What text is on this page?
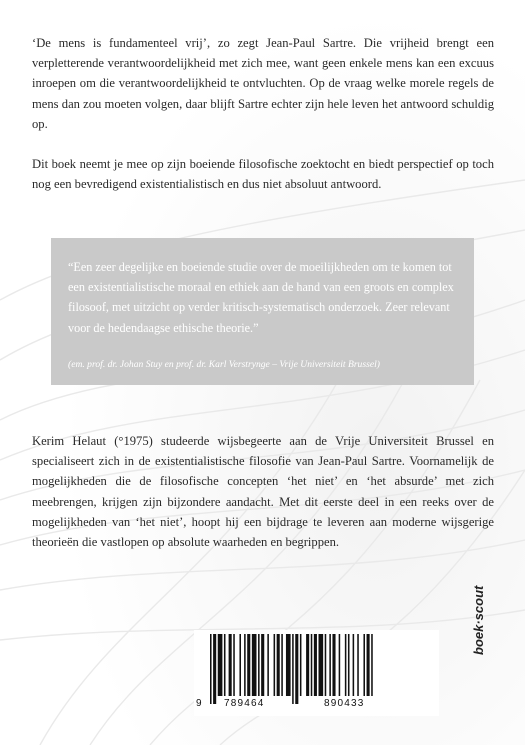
‘De mens is fundamenteel vrij’, zo zegt Jean-Paul Sartre. Die vrijheid brengt een verpletterende verantwoordelijkheid met zich mee, want geen enkele mens kan een excuus inroepen om die verantwoordelijkheid te ontvluchten. Op de vraag welke morele regels de mens dan zou moeten volgen, daar blijft Sartre echter zijn hele leven het antwoord schuldig op.

Dit boek neemt je mee op zijn boeiende filosofische zoektocht en biedt perspectief op toch nog een bevredigend existentialistisch en dus niet absoluut antwoord.

“Een zeer degelijke en boeiende studie over de moeilijkheden om te komen tot een existentialistische moraal en ethiek aan de hand van een groots en complex filosoof, met uitzicht op verder kritisch-systematisch onderzoek. Zeer relevant voor de hedendaagse ethische theorie.”

(em. prof. dr. Johan Stuy en prof. dr. Karl Verstrynge – Vrije Universiteit Brussel)

Kerim Helaut (°1975) studeerde wijsbegeerte aan de Vrije Universiteit Brussel en specialiseert zich in de existentialistische filosofie van Jean-Paul Sartre. Voornamelijk de mogelijkheden die de filosofische concepten ‘het niet’ en ‘het absurde’ met zich meebrengen, krijgen zijn bijzondere aandacht. Met dit eerste deel in een reeks over de mogelijkheden van ‘het niet’, hoopt hij een bijdrage te leveren aan moderne wijsgerige theorieën die vastlopen op absolute waarheden en begrippen.

boek·scout
9 789464	890433
